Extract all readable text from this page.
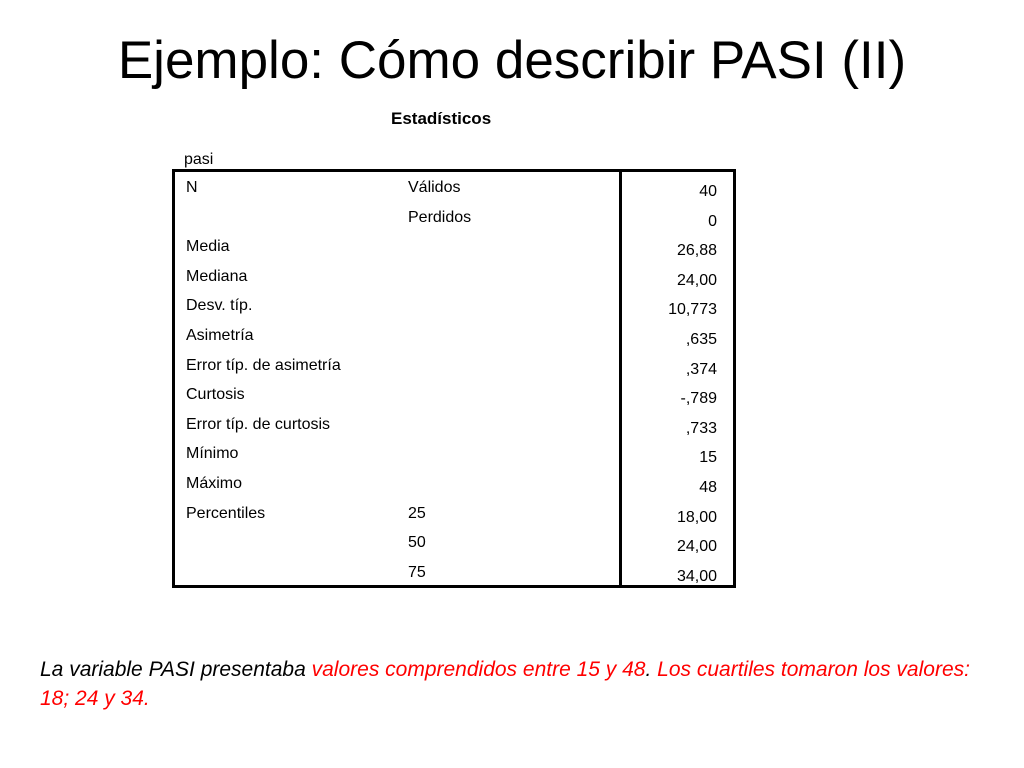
Ejemplo: Cómo describir PASI (II)
Estadísticos
pasi
N	Válidos	40
Perdidos	0
Media	26,88
Mediana	24,00
Desv. típ.	10,773
Asimetría	,635
Error típ. de asimetría	,374
Curtosis	-,789
Error típ. de curtosis	,733
Mínimo	15
Máximo	48
Percentiles	25	18,00
50	24,00
75	34,00

La variable PASI presentaba valores comprendidos entre 15 y 48. Los cuartiles tomaron los valores: 18; 24 y 34.
